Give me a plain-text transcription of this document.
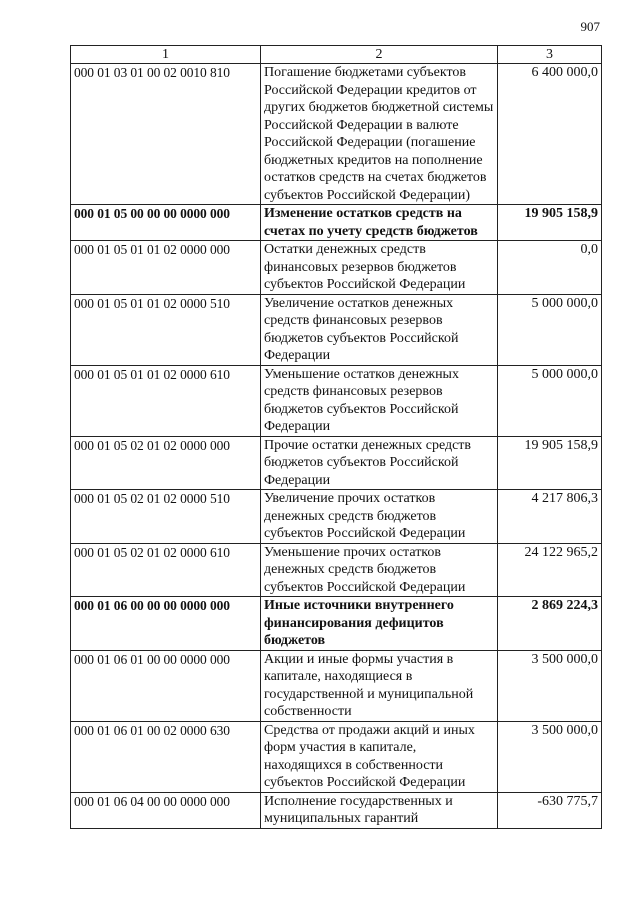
907
1	2	3
000 01 03 01 00 02 0010 810	Погашение бюджетами субъектов Российской Федерации кредитов от других бюджетов бюджетной системы Российской Федерации в валюте Российской Федерации (погашение бюджетных кредитов на пополнение остатков средств на счетах бюджетов субъектов Российской Федерации)	6 400 000,0
000 01 05 00 00 00 0000 000	Изменение остатков средств на счетах по учету средств бюджетов	19 905 158,9
000 01 05 01 01 02 0000 000	Остатки денежных средств финансовых резервов бюджетов субъектов Российской Федерации	0,0
000 01 05 01 01 02 0000 510	Увеличение остатков денежных средств финансовых резервов бюджетов субъектов Российской Федерации	5 000 000,0
000 01 05 01 01 02 0000 610	Уменьшение остатков денежных средств финансовых резервов бюджетов субъектов Российской Федерации	5 000 000,0
000 01 05 02 01 02 0000 000	Прочие остатки денежных средств бюджетов субъектов Российской Федерации	19 905 158,9
000 01 05 02 01 02 0000 510	Увеличение прочих остатков денежных средств бюджетов субъектов Российской Федерации	4 217 806,3
000 01 05 02 01 02 0000 610	Уменьшение прочих остатков денежных средств бюджетов субъектов Российской Федерации	24 122 965,2
000 01 06 00 00 00 0000 000	Иные источники внутреннего финансирования дефицитов бюджетов	2 869 224,3
000 01 06 01 00 00 0000 000	Акции и иные формы участия в капитале, находящиеся в государственной и муниципальной собственности	3 500 000,0
000 01 06 01 00 02 0000 630	Средства от продажи акций и иных форм участия в капитале, находящихся в собственности субъектов Российской Федерации	3 500 000,0
000 01 06 04 00 00 0000 000	Исполнение государственных и муниципальных гарантий	-630 775,7
